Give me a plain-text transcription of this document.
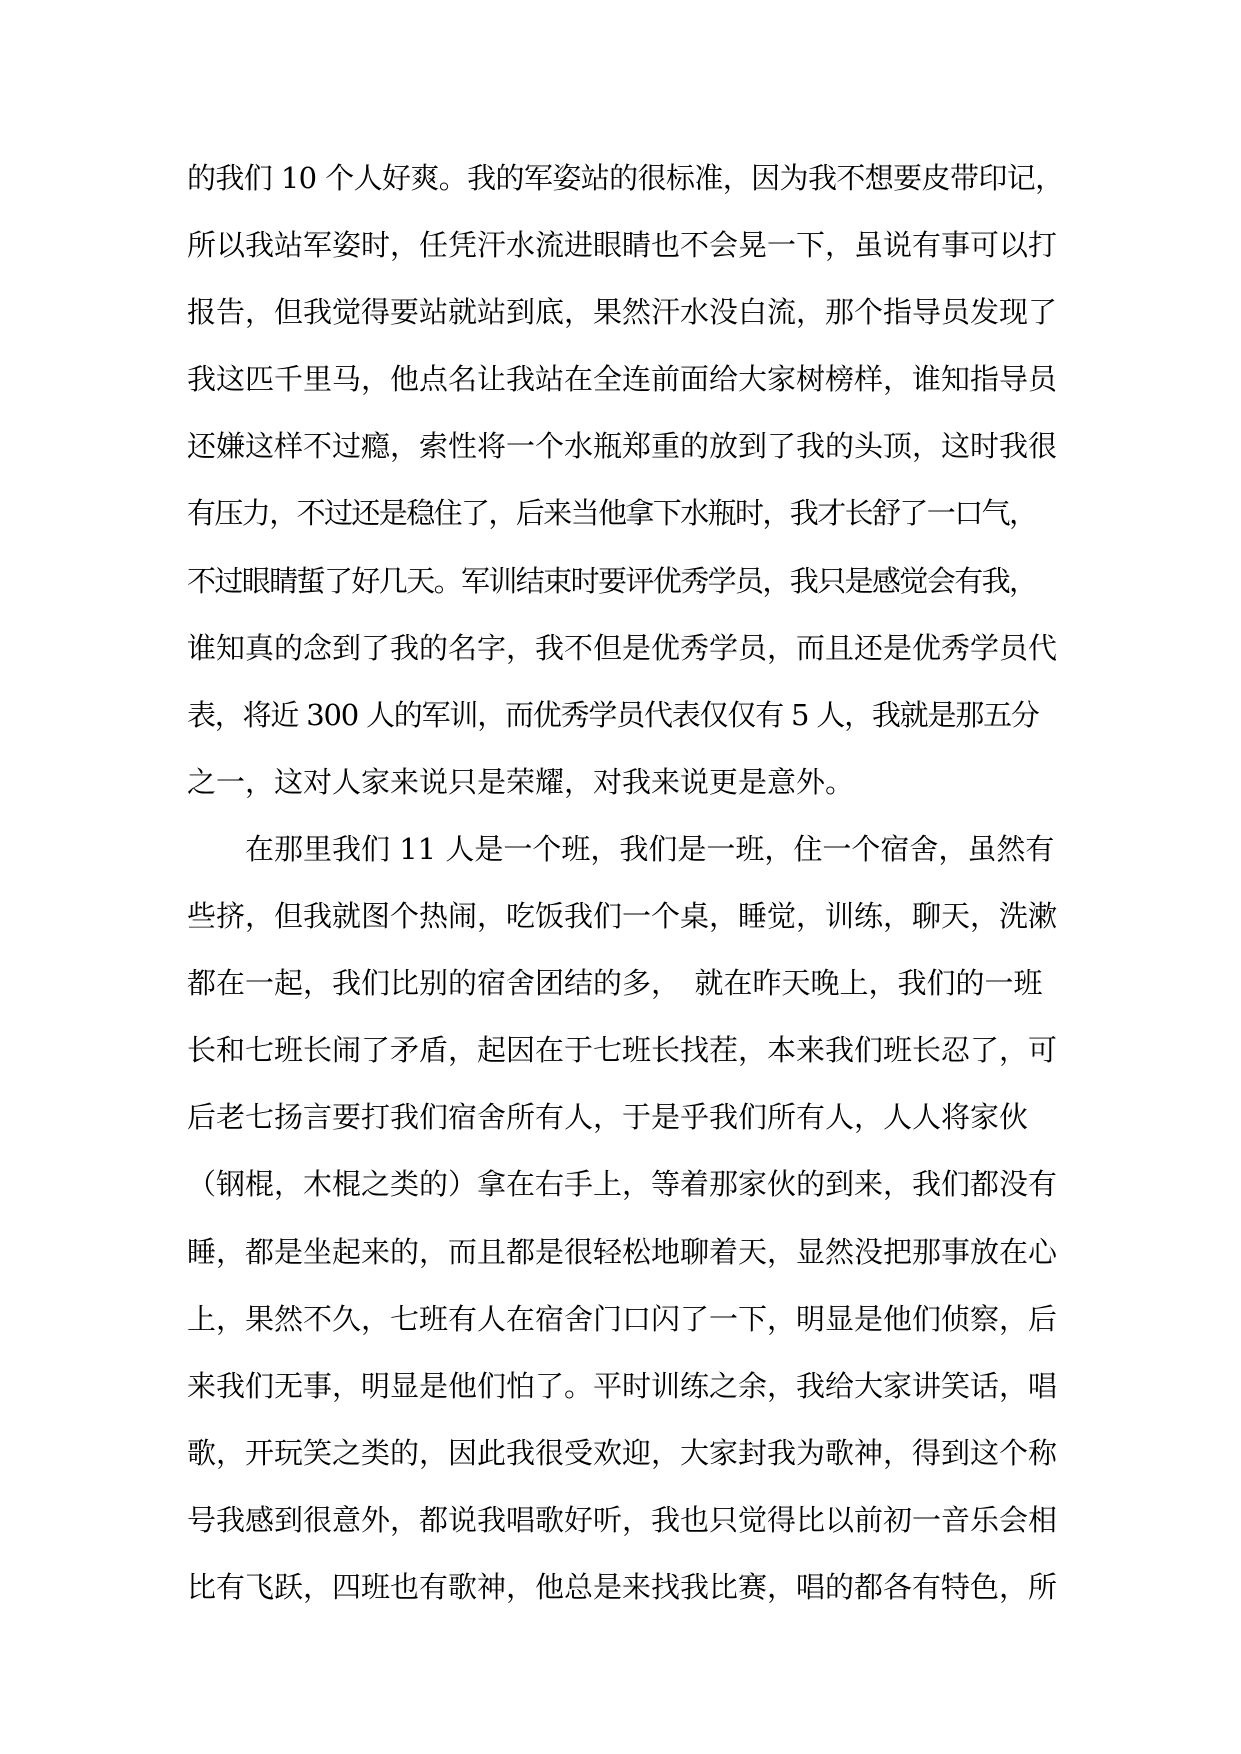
的我们 10 个人好爽。我的军姿站的很标准，因为我不想要皮带印记，
所以我站军姿时，任凭汗水流进眼睛也不会晃一下，虽说有事可以打
报告，但我觉得要站就站到底，果然汗水没白流，那个指导员发现了
我这匹千里马，他点名让我站在全连前面给大家树榜样，谁知指导员
还嫌这样不过瘾，索性将一个水瓶郑重的放到了我的头顶，这时我很
有压力，不过还是稳住了，后来当他拿下水瓶时，我才长舒了一口气，
不过眼睛蜇了好几天。军训结束时要评优秀学员，我只是感觉会有我，
谁知真的念到了我的名字，我不但是优秀学员，而且还是优秀学员代
表，将近 300 人的军训，而优秀学员代表仅仅有 5 人，我就是那五分
之一，这对人家来说只是荣耀，对我来说更是意外。
在那里我们 11 人是一个班，我们是一班，住一个宿舍，虽然有
些挤，但我就图个热闹，吃饭我们一个桌，睡觉，训练，聊天，洗漱
都在一起，我们比别的宿舍团结的多，　就在昨天晚上，我们的一班
长和七班长闹了矛盾，起因在于七班长找茬，本来我们班长忍了，可
后老七扬言要打我们宿舍所有人，于是乎我们所有人，人人将家伙
（钢棍，木棍之类的）拿在右手上，等着那家伙的到来，我们都没有
睡，都是坐起来的，而且都是很轻松地聊着天，显然没把那事放在心
上，果然不久，七班有人在宿舍门口闪了一下，明显是他们侦察，后
来我们无事，明显是他们怕了。平时训练之余，我给大家讲笑话，唱
歌，开玩笑之类的，因此我很受欢迎，大家封我为歌神，得到这个称
号我感到很意外，都说我唱歌好听，我也只觉得比以前初一音乐会相
比有飞跃，四班也有歌神，他总是来找我比赛，唱的都各有特色，所
